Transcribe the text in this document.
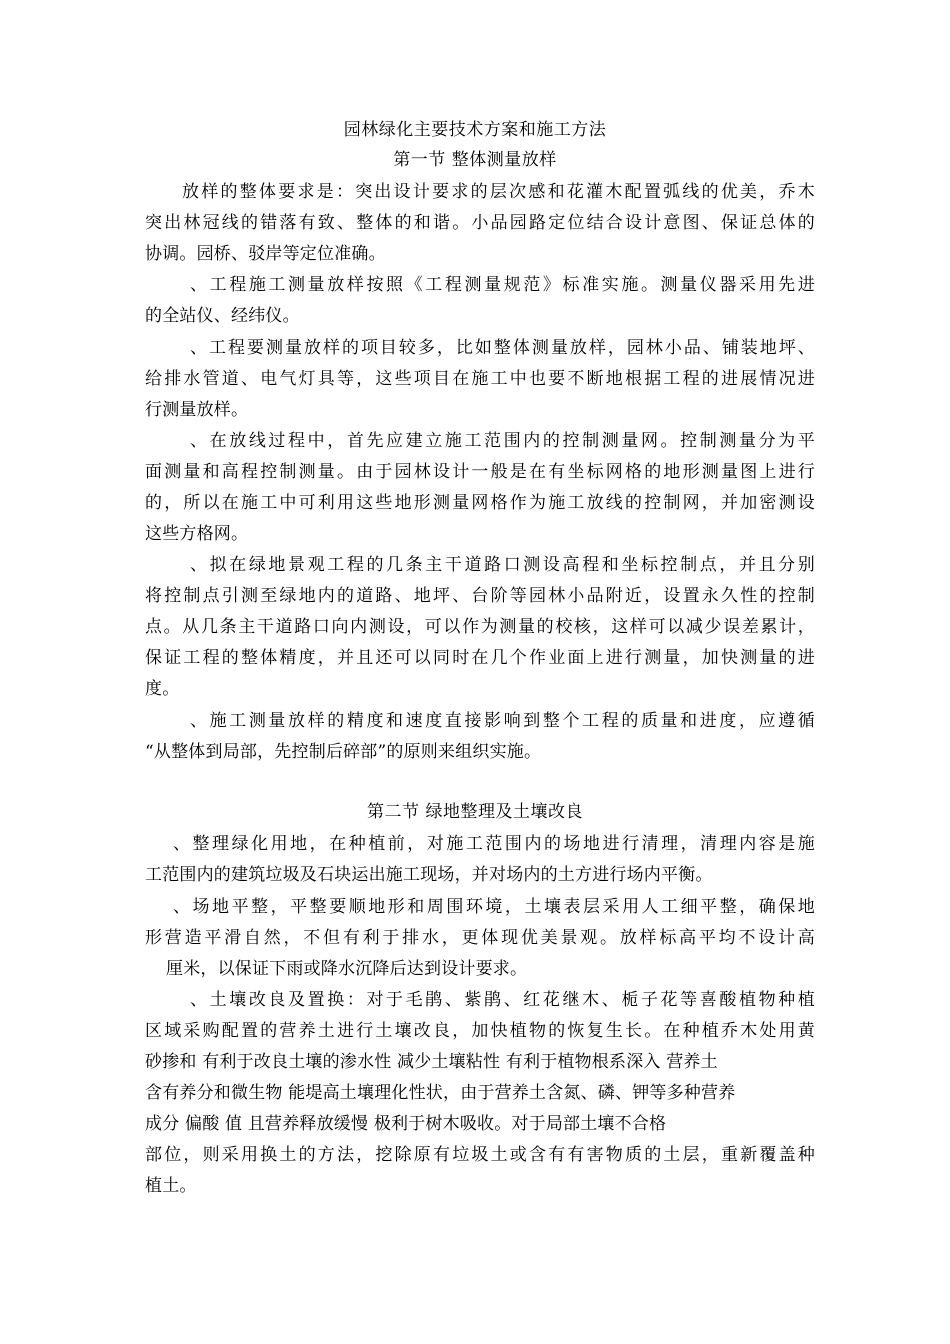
园林绿化主要技术方案和施工方法
第一节 整体测量放样
放样的整体要求是：突出设计要求的层次感和花灌木配置弧线的优美，乔木
突出林冠线的错落有致、整体的和谐。小品园路定位结合设计意图、保证总体的
协调。园桥、驳岸等定位准确。
、工程施工测量放样按照《工程测量规范》标准实施。测量仪器采用先进
的全站仪、经纬仪。
、工程要测量放样的项目较多，比如整体测量放样，园林小品、铺装地坪、
给排水管道、电气灯具等，这些项目在施工中也要不断地根据工程的进展情况进
行测量放样。
、在放线过程中，首先应建立施工范围内的控制测量网。控制测量分为平
面测量和高程控制测量。由于园林设计一般是在有坐标网格的地形测量图上进行
的，所以在施工中可利用这些地形测量网格作为施工放线的控制网，并加密测设
这些方格网。
、拟在绿地景观工程的几条主干道路口测设高程和坐标控制点，并且分别
将控制点引测至绿地内的道路、地坪、台阶等园林小品附近，设置永久性的控制
点。从几条主干道路口向内测设，可以作为测量的校核，这样可以减少误差累计，
保证工程的整体精度，并且还可以同时在几个作业面上进行测量，加快测量的进
度。
、施工测量放样的精度和速度直接影响到整个工程的质量和进度，应遵循
“从整体到局部，先控制后碎部”的原则来组织实施。
第二节 绿地整理及土壤改良
、整理绿化用地，在种植前，对施工范围内的场地进行清理，清理内容是施
工范围内的建筑垃圾及石块运出施工现场，并对场内的土方进行场内平衡。
、场地平整，平整要顺地形和周围环境，土壤表层采用人工细平整，确保地
形营造平滑自然，不但有利于排水，更体现优美景观。放样标高平均不设计高
厘米，以保证下雨或降水沉降后达到设计要求。
、土壤改良及置换：对于毛鹃、紫鹃、红花继木、栀子花等喜酸植物种植
区域采购配置的营养土进行土壤改良，加快植物的恢复生长。在种植乔木处用黄
砂掺和 有利于改良土壤的渗水性 减少土壤粘性 有利于植物根系深入 营养土
含有养分和微生物 能堤高土壤理化性状，由于营养土含氮、磷、钾等多种营养
成分 偏酸 值 且营养释放缓慢 极利于树木吸收。对于局部土壤不合格
部位，则采用换土的方法，挖除原有垃圾土或含有有害物质的土层，重新覆盖种
植土。
